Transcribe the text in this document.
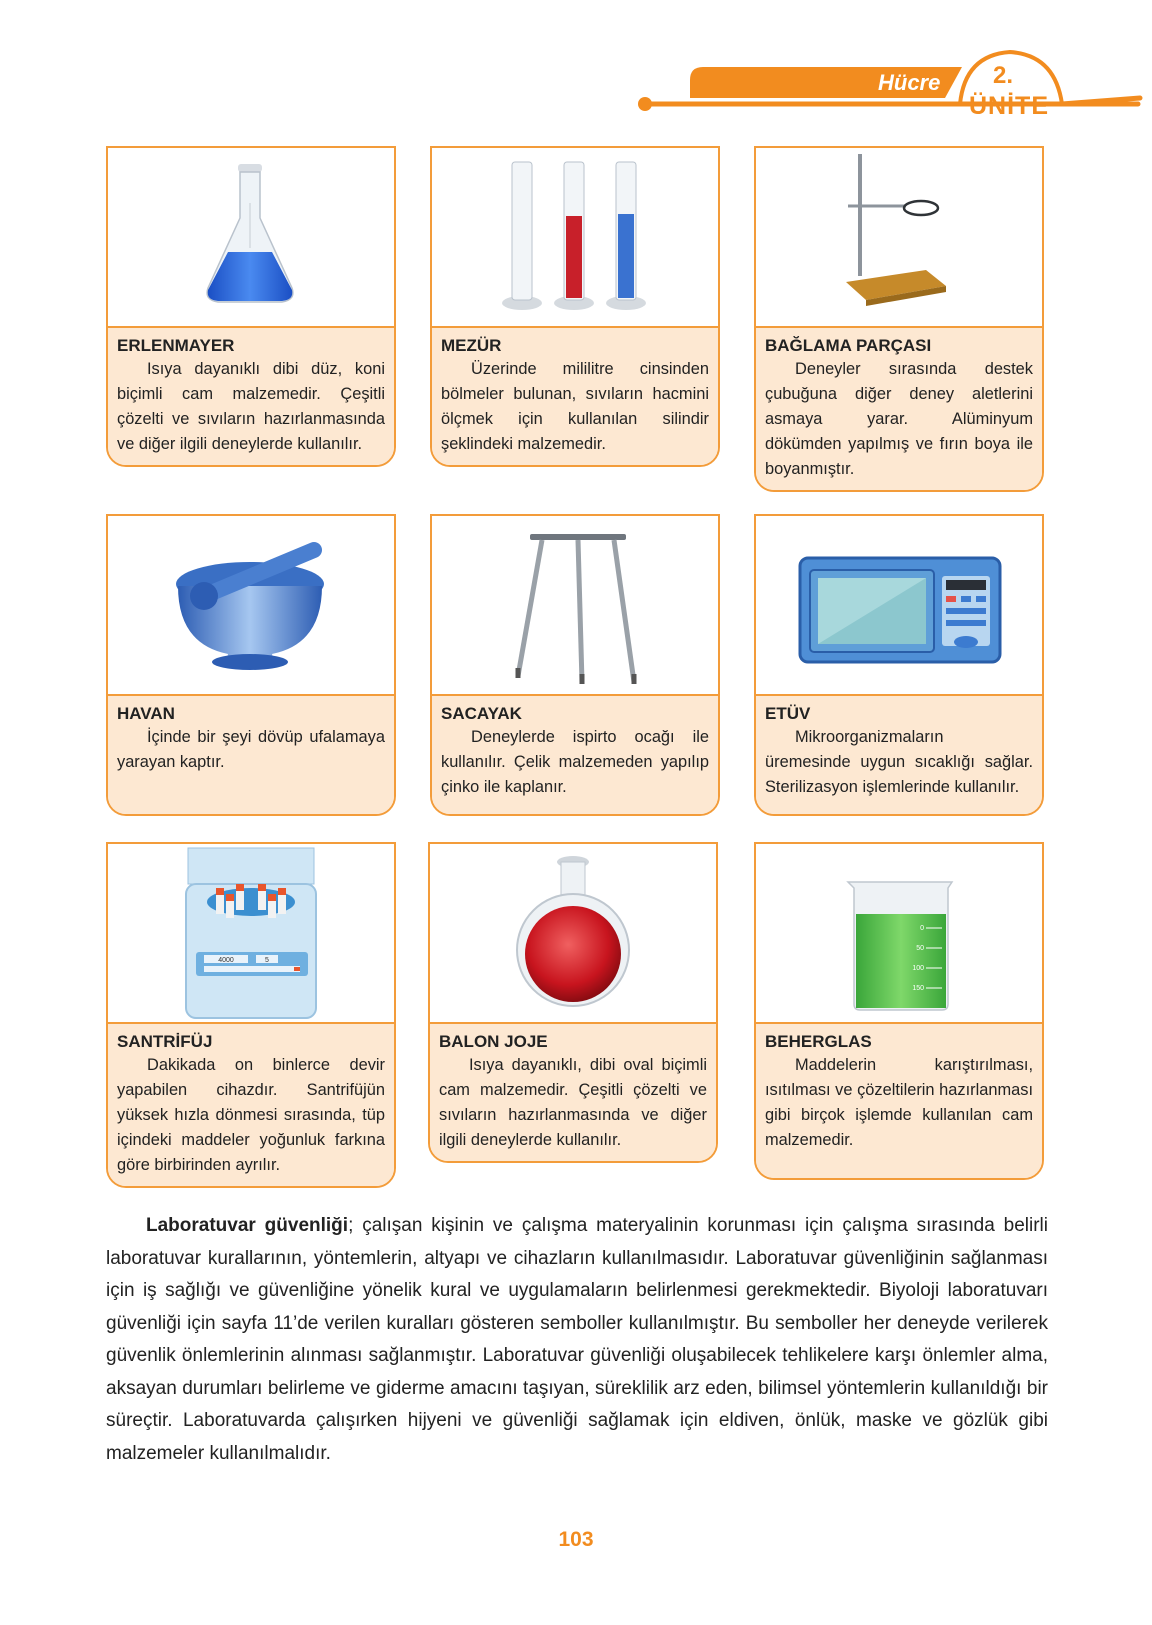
Hücre 2.
ÜNİTE
ERLENMAYER
Isıya dayanıklı dibi düz, koni biçimli cam malzemedir. Çeşitli çözelti ve sıvıların hazırlanmasında ve diğer ilgili deneylerde kullanılır.
MEZÜR
Üzerinde mililitre cinsinden bölmeler bulunan, sıvıların hacmini ölçmek için kullanılan silindir şeklindeki malzemedir.
BAĞLAMA PARÇASI
Deneyler sırasında destek çubuğuna diğer deney aletlerini asmaya yarar. Alüminyum dökümden yapılmış ve fırın boya ile boyanmıştır.
HAVAN
İçinde bir şeyi dövüp ufalamaya yarayan kaptır.
SACAYAK
Deneylerde ispirto ocağı ile kullanılır. Çelik malzemeden yapılıp çinko ile kaplanır.
ETÜV
Mikroorganizmaların üremesinde uygun sıcaklığı sağlar. Sterilizasyon işlemlerinde kullanılır.
4000	5
SANTRİFÜJ
Dakikada on binlerce devir yapabilen cihazdır. Santrifüjün yüksek hızla dönmesi sırasında, tüp içindeki maddeler yoğunluk farkına göre birbirinden ayrılır.
BALON JOJE
Isıya dayanıklı, dibi oval biçimli cam malzemedir. Çeşitli çözelti ve sıvıların hazırlanmasında ve diğer ilgili deneylerde kullanılır.
0
50
100
150
BEHERGLAS
Maddelerin karıştırılması, ısıtılması ve çözeltilerin hazırlanması gibi birçok işlemde kullanılan cam malzemedir.
Laboratuvar güvenliği; çalışan kişinin ve çalışma materyalinin korunması için çalışma sırasında belirli laboratuvar kurallarının, yöntemlerin, altyapı ve cihazların kullanılmasıdır. Laboratuvar güvenliğinin sağlanması için iş sağlığı ve güvenliğine yönelik kural ve uygulamaların belirlenmesi gerekmektedir. Biyoloji laboratuvarı güvenliği için sayfa 11’de verilen kuralları gösteren semboller kullanılmıştır. Bu semboller her deneyde verilerek güvenlik önlemlerinin alınması sağlanmıştır. Laboratuvar güvenliği oluşabilecek tehlikelere karşı önlemler alma, aksayan durumları belirleme ve giderme amacını taşıyan, süreklilik arz eden, bilimsel yöntemlerin kullanıldığı bir süreçtir. Laboratuvarda çalışırken hijyeni ve güvenliği sağlamak için eldiven, önlük, maske ve gözlük gibi malzemeler kullanılmalıdır.
103
